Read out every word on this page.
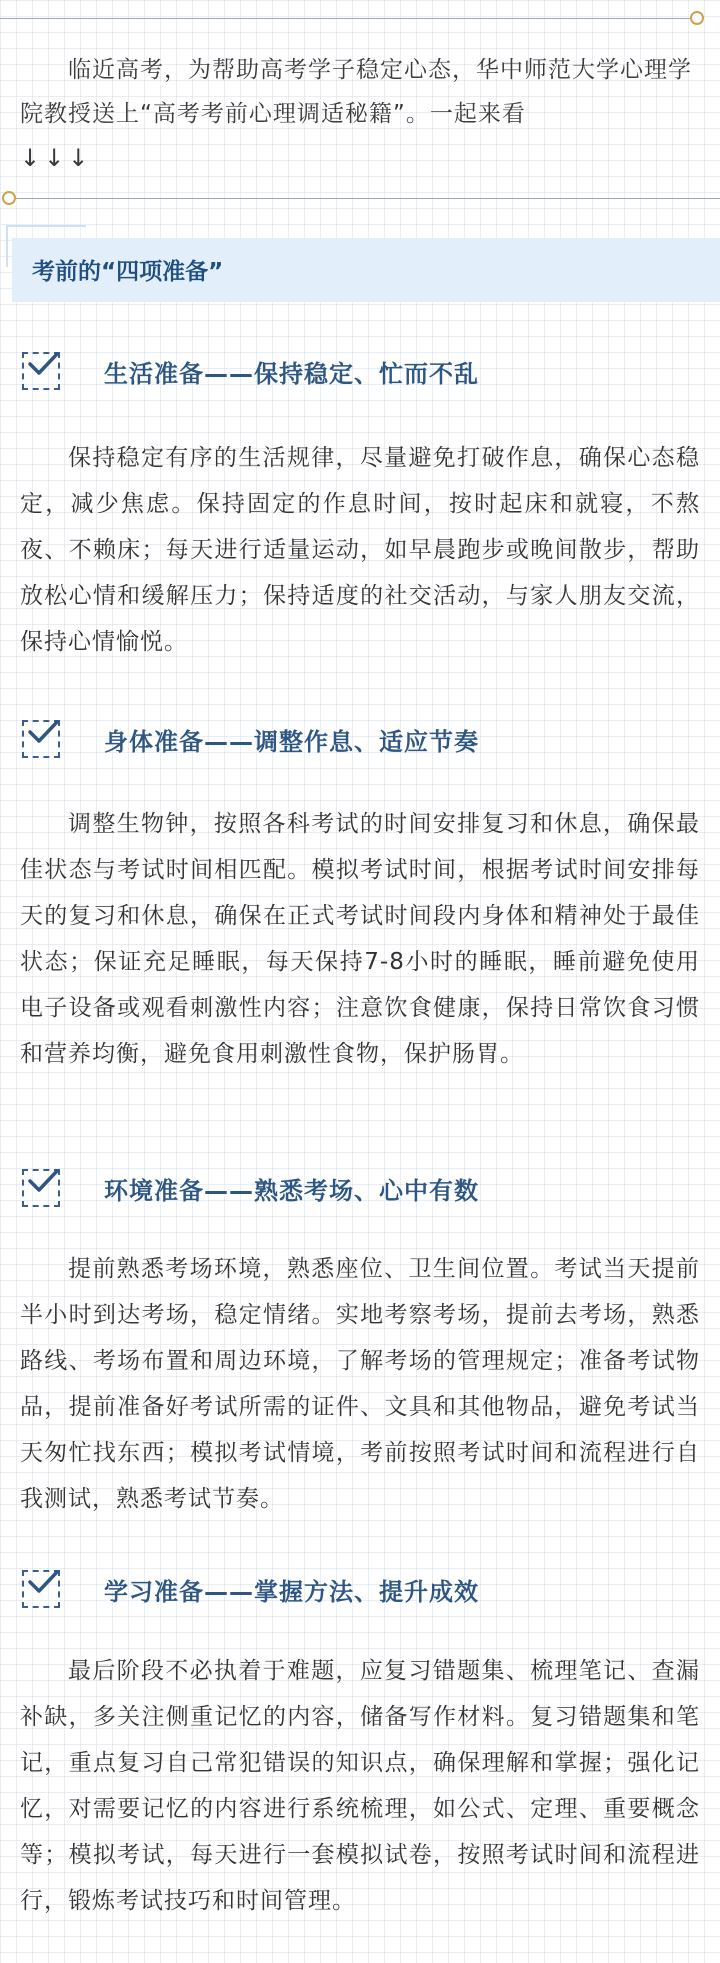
临近高考，为帮助高考学子稳定心态，华中师范大学心理学院教授送上“高考考前心理调适秘籍”。一起来看

↓↓↓
考前的“四项准备”
生活准备——保持稳定、忙而不乱

保持稳定有序的生活规律，尽量避免打破作息，确保心态稳定，减少焦虑。保持固定的作息时间，按时起床和就寝，不熬夜、不赖床；每天进行适量运动，如早晨跑步或晚间散步，帮助放松心情和缓解压力；保持适度的社交活动，与家人朋友交流，保持心情愉悦。

身体准备——调整作息、适应节奏

调整生物钟，按照各科考试的时间安排复习和休息，确保最佳状态与考试时间相匹配。模拟考试时间，根据考试时间安排每天的复习和休息，确保在正式考试时间段内身体和精神处于最佳状态；保证充足睡眠，每天保持7-8小时的睡眠，睡前避免使用电子设备或观看刺激性内容；注意饮食健康，保持日常饮食习惯和营养均衡，避免食用刺激性食物，保护肠胃。

环境准备——熟悉考场、心中有数

提前熟悉考场环境，熟悉座位、卫生间位置。考试当天提前半小时到达考场，稳定情绪。实地考察考场，提前去考场，熟悉路线、考场布置和周边环境，了解考场的管理规定；准备考试物品，提前准备好考试所需的证件、文具和其他物品，避免考试当天匆忙找东西；模拟考试情境，考前按照考试时间和流程进行自我测试，熟悉考试节奏。

学习准备——掌握方法、提升成效

最后阶段不必执着于难题，应复习错题集、梳理笔记、查漏补缺，多关注侧重记忆的内容，储备写作材料。复习错题集和笔记，重点复习自己常犯错误的知识点，确保理解和掌握；强化记忆，对需要记忆的内容进行系统梳理，如公式、定理、重要概念等；模拟考试，每天进行一套模拟试卷，按照考试时间和流程进行，锻炼考试技巧和时间管理。
